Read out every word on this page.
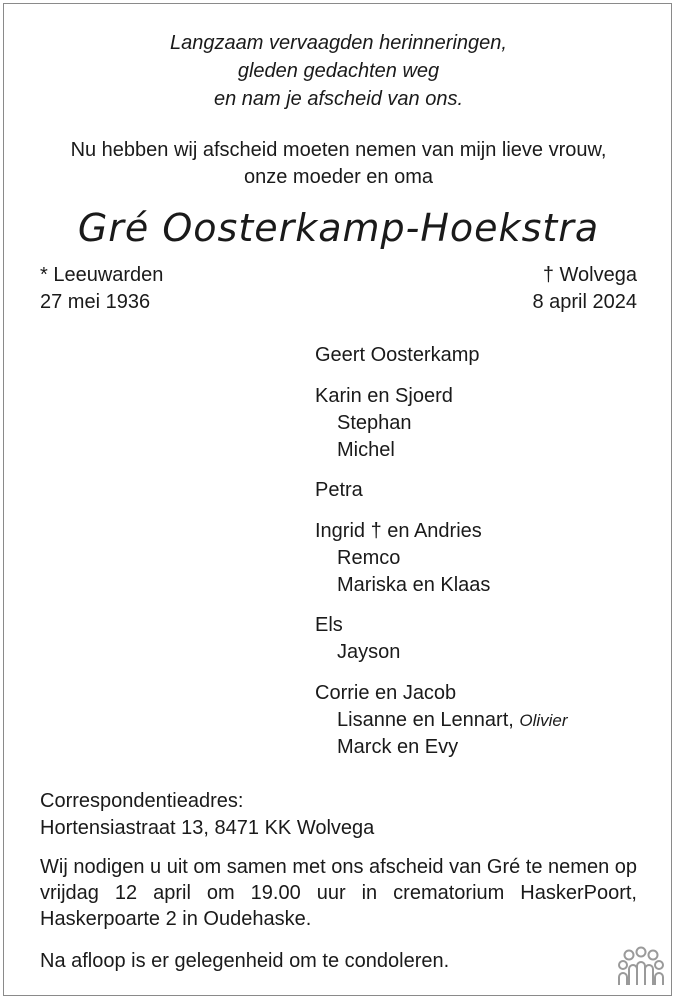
Langzaam vervaagden herinneringen,
gleden gedachten weg
en nam je afscheid van ons.
Nu hebben wij afscheid moeten nemen van mijn lieve vrouw,
onze moeder en oma
Gré Oosterkamp-Hoekstra
* Leeuwarden
27 mei 1936
† Wolvega
8 april 2024
Geert Oosterkamp
Karin en Sjoerd
Stephan
Michel
Petra
Ingrid † en Andries
Remco
Mariska en Klaas
Els
Jayson
Corrie en Jacob
Lisanne en Lennart, Olivier
Marck en Evy
Correspondentieadres:
Hortensiastraat 13, 8471 KK Wolvega
Wij nodigen u uit om samen met ons afscheid van Gré te nemen op vrijdag 12 april om 19.00 uur in crematorium HaskerPoort, Haskerpoarte 2 in Oudehaske.
Na afloop is er gelegenheid om te condoleren.
